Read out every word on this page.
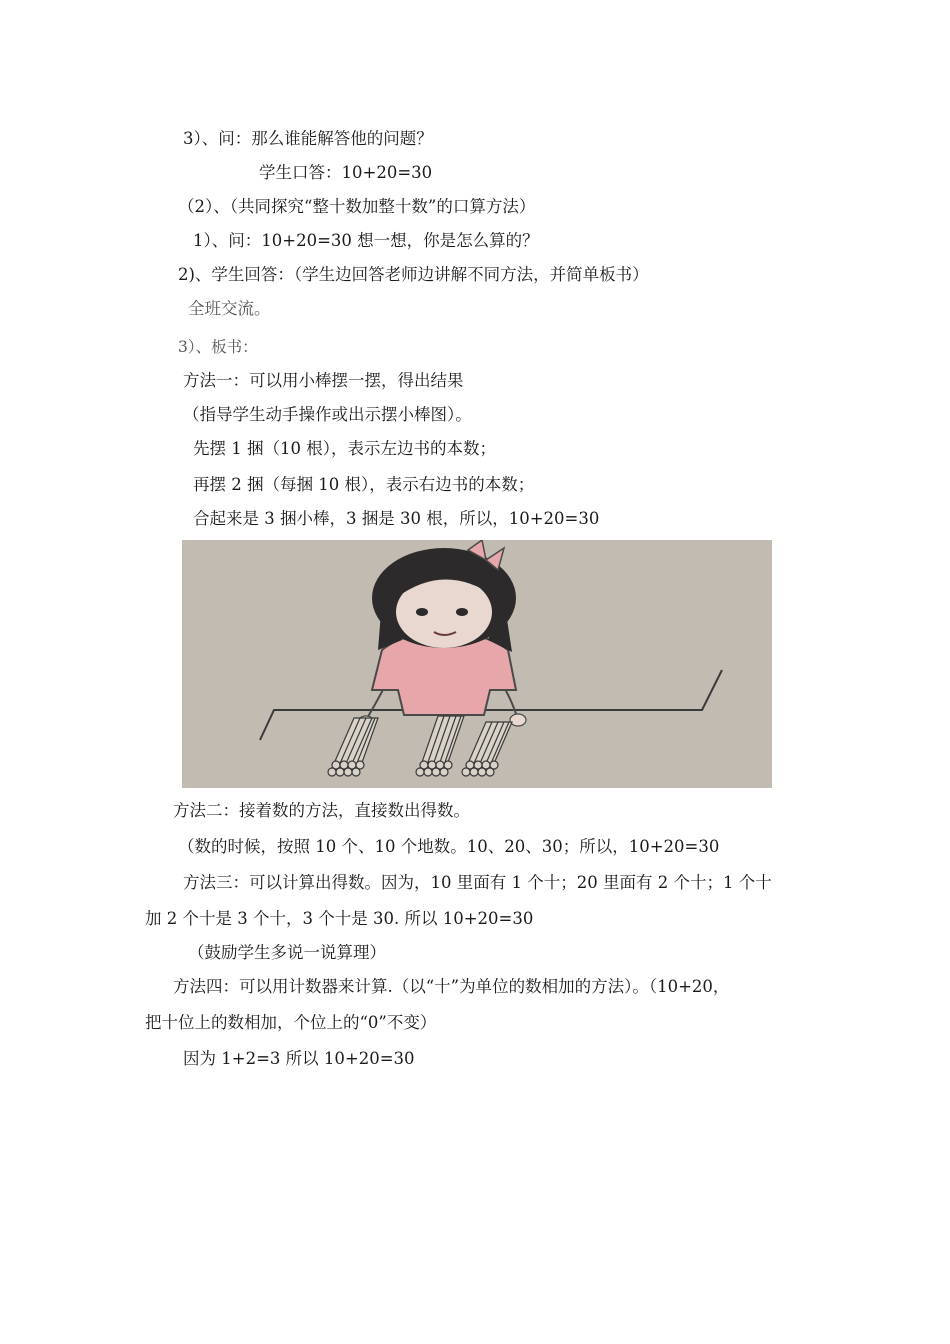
3）、问：那么谁能解答他的问题？
学生口答：10+20=30
（2）、（共同探究“整十数加整十数”的口算方法）
1）、问：10+20=30 想一想，你是怎么算的？
2)、学生回答：（学生边回答老师边讲解不同方法，并简单板书）
全班交流。
3）、板书：
方法一：可以用小棒摆一摆，得出结果
（指导学生动手操作或出示摆小棒图）。
先摆 1 捆（10 根），表示左边书的本数；
再摆 2 捆（每捆 10 根），表示右边书的本数；
合起来是 3 捆小棒，3 捆是 30 根，所以，10+20=30
方法二：接着数的方法，直接数出得数。
（数的时候，按照 10 个、10 个地数。10、20、30；所以，10+20=30
方法三：可以计算出得数。因为，10 里面有 1 个十；20 里面有 2 个十；1 个十
加 2 个十是 3 个十，3 个十是 30. 所以 10+20=30
（鼓励学生多说一说算理）
方法四：可以用计数器来计算.（以“十”为单位的数相加的方法）。（10+20，
把十位上的数相加，个位上的“0”不变）
因为 1+2=3 所以 10+20=30
